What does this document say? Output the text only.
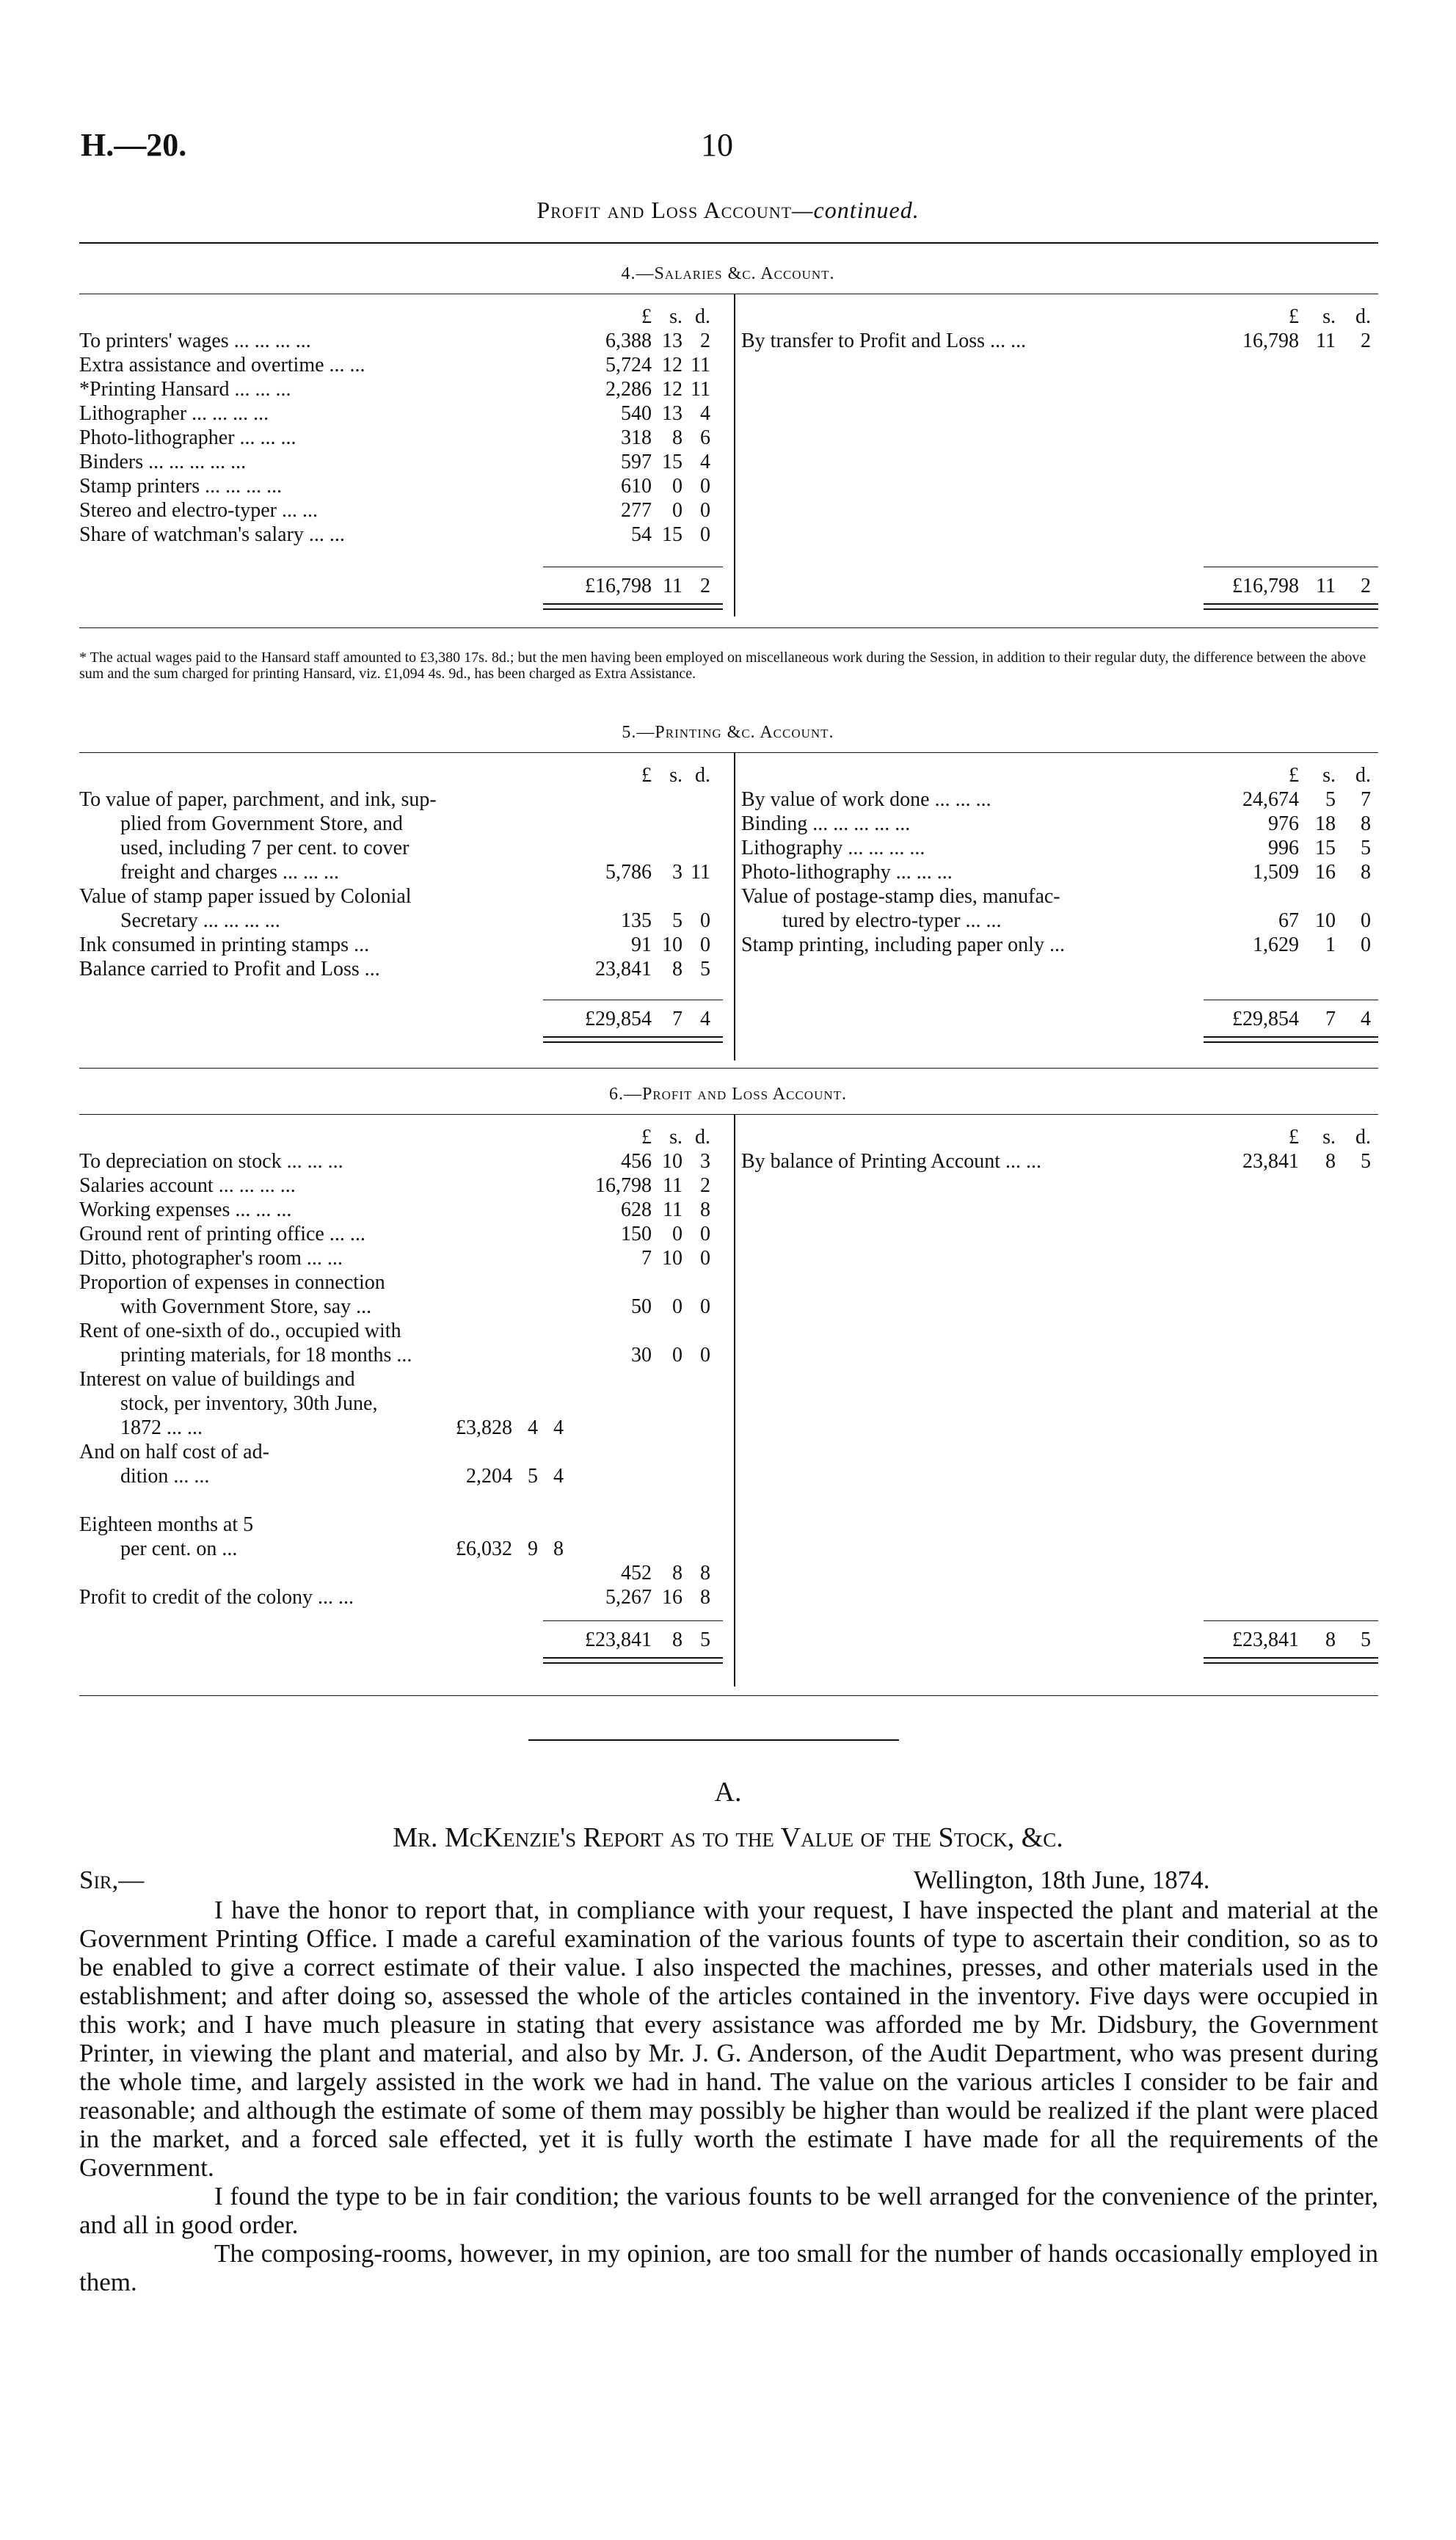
H.—20.	10
Profit and Loss Account—continued.
4.—Salaries &c. Account.
£ s. d.
To printers' wages ... ... ... ...	6,388 13 2
Extra assistance and overtime ... ...	5,724 12 11
*Printing Hansard ... ... ...	2,286 12 11
Lithographer ... ... ... ...	540 13 4
Photo-lithographer ... ... ...	318	8 6
Binders ... ... ... ... ...	597 15 4
Stamp printers ... ... ... ...	610	0 0
Stereo and electro-typer ... ...	277	0 0
Share of watchman's salary ... ...	54 15 0
£	s. d.
By transfer to Profit and Loss ... ...	16,798 11	2
£16,798 11 2	£16,798 11	2
* The actual wages paid to the Hansard staff amounted to £3,380 17s. 8d.; but the men having been employed on miscellaneous work during the Session, in addition to their regular duty, the difference between the above sum and the sum charged for printing Hansard, viz. £1,094 4s. 9d., has been charged as Extra Assistance.
5.—Printing &c. Account.
£ s. d.
To value of paper, parchment, and ink, sup-
plied from Government Store, and
used, including 7 per cent. to cover
freight and charges ... ... ...	5,786	3 11
Value of stamp paper issued by Colonial
Secretary ... ... ... ...	135	5 0
Ink consumed in printing stamps ...	91 10 0
Balance carried to Profit and Loss ...	23,841	8 5
£	s. d.
By value of work done ... ... ...	24,674	5	7
Binding ... ... ... ... ...	976 18	8
Lithography ... ... ... ...	996 15	5
Photo-lithography ... ... ...	1,509 16	8
Value of postage-stamp dies, manufac-
tured by electro-typer ... ...	67 10	0
Stamp printing, including paper only ...	1,629	1	0
£29,854	7 4	£29,854	7	4
6.—Profit and Loss Account.
£ s. d.
To depreciation on stock ... ... ...	456 10 3
Salaries account ... ... ... ...	16,798 11 2
Working expenses ... ... ...	628 11 8
Ground rent of printing office ... ...	150	0 0
Ditto, photographer's room ... ...	7 10 0
Proportion of expenses in connection
with Government Store, say ...	50	0 0
Rent of one-sixth of do., occupied with
printing materials, for 18 months ...	30	0 0
Interest on value of buildings and
stock, per inventory, 30th June,
1872 ... ...	£3,828 4 4
And on half cost of ad-
dition ... ...	2,204 5 4
Eighteen months at 5
per cent. on ...	£6,032 9 8
452	8 8
Profit to credit of the colony ... ...	5,267 16 8
£	s. d.
By balance of Printing Account ... ...	23,841	8	5
£23,841	8 5	£23,841	8	5
A.
Mr. McKenzie's Report as to the Value of the Stock, &c.
Sir,—	Wellington, 18th June, 1874.

I have the honor to report that, in compliance with your request, I have inspected the plant and material at the Government Printing Office. I made a careful examination of the various founts of type to ascertain their condition, so as to be enabled to give a correct estimate of their value. I also inspected the machines, presses, and other materials used in the establishment; and after doing so, assessed the whole of the articles contained in the inventory. Five days were occupied in this work; and I have much pleasure in stating that every assistance was afforded me by Mr. Didsbury, the Government Printer, in viewing the plant and material, and also by Mr. J. G. Anderson, of the Audit Department, who was present during the whole time, and largely assisted in the work we had in hand. The value on the various articles I consider to be fair and reasonable; and although the estimate of some of them may possibly be higher than would be realized if the plant were placed in the market, and a forced sale effected, yet it is fully worth the estimate I have made for all the requirements of the Government.

I found the type to be in fair condition; the various founts to be well arranged for the convenience of the printer, and all in good order.

The composing-rooms, however, in my opinion, are too small for the number of hands occasionally employed in them.
